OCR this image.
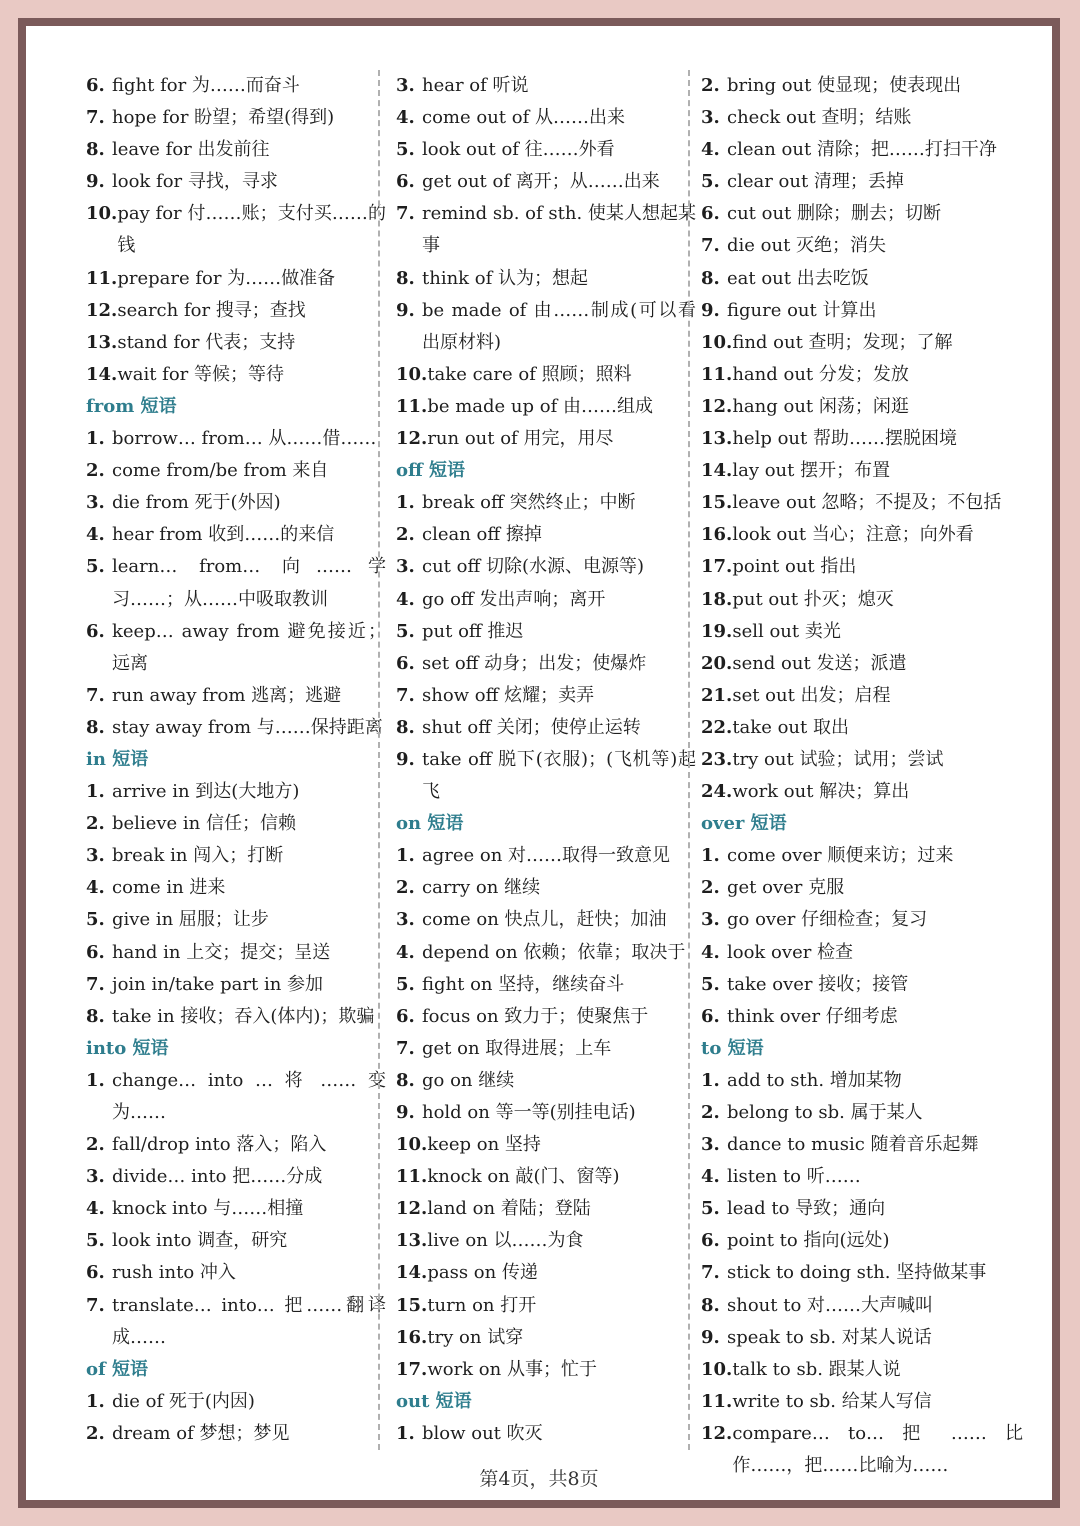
6. fight for 为……而奋斗
7. hope for 盼望；希望(得到)
8. leave for 出发前往
9. look for 寻找，寻求
10. pay for 付……账；支付买……的钱
11. prepare for 为……做准备
12. search for 搜寻；查找
13. stand for 代表；支持
14. wait for 等候；等待
from 短语
1. borrow… from… 从……借……
2. come from/be from 来自
3. die from 死于(外因)
4. hear from 收到……的来信
5. learn… from… 向……学习……；从……中吸取教训
6. keep… away from 避免接近；远离
7. run away from 逃离；逃避
8. stay away from 与……保持距离
in 短语
1. arrive in 到达(大地方)
2. believe in 信任；信赖
3. break in 闯入；打断
4. come in 进来
5. give in 屈服；让步
6. hand in 上交；提交；呈送
7. join in/take part in 参加
8. take in 接收；吞入(体内)；欺骗
into 短语
1. change… into … 将 …… 变为……
2. fall/drop into 落入；陷入
3. divide… into 把……分成
4. knock into 与……相撞
5. look into 调查，研究
6. rush into 冲入
7. translate… into… 把……翻译成……
of 短语
1. die of 死于(内因)
2. dream of 梦想；梦见
3. hear of 听说
4. come out of 从……出来
5. look out of 往……外看
6. get out of 离开；从……出来
7. remind sb. of sth. 使某人想起某事
8. think of 认为；想起
9. be made of 由……制成(可以看出原材料)
10. take care of 照顾；照料
11. be made up of 由……组成
12. run out of 用完，用尽
off 短语
1. break off 突然终止；中断
2. clean off 擦掉
3. cut off 切除(水源、电源等)
4. go off 发出声响；离开
5. put off 推迟
6. set off 动身；出发；使爆炸
7. show off 炫耀；卖弄
8. shut off 关闭；使停止运转
9. take off 脱下(衣服)；(飞机等)起飞
on 短语
1. agree on 对……取得一致意见
2. carry on 继续
3. come on 快点儿，赶快；加油
4. depend on 依赖；依靠；取决于
5. fight on 坚持，继续奋斗
6. focus on 致力于；使聚焦于
7. get on 取得进展；上车
8. go on 继续
9. hold on 等一等(别挂电话)
10. keep on 坚持
11. knock on 敲(门、窗等)
12. land on 着陆；登陆
13. live on 以……为食
14. pass on 传递
15. turn on 打开
16. try on 试穿
17. work on 从事；忙于
out 短语
1. blow out 吹灭
2. bring out 使显现；使表现出
3. check out 查明；结账
4. clean out 清除；把……打扫干净
5. clear out 清理；丢掉
6. cut out 删除；删去；切断
7. die out 灭绝；消失
8. eat out 出去吃饭
9. figure out 计算出
10. find out 查明；发现；了解
11. hand out 分发；发放
12. hang out 闲荡；闲逛
13. help out 帮助……摆脱困境
14. lay out 摆开；布置
15. leave out 忽略；不提及；不包括
16. look out 当心；注意；向外看
17. point out 指出
18. put out 扑灭；熄灭
19. sell out 卖光
20. send out 发送；派遣
21. set out 出发；启程
22. take out 取出
23. try out 试验；试用；尝试
24. work out 解决；算出
over 短语
1. come over 顺便来访；过来
2. get over 克服
3. go over 仔细检查；复习
4. look over 检查
5. take over 接收；接管
6. think over 仔细考虑
to 短语
1. add to sth. 增加某物
2. belong to sb. 属于某人
3. dance to music 随着音乐起舞
4. listen to 听……
5. lead to 导致；通向
6. point to 指向(远处)
7. stick to doing sth. 坚持做某事
8. shout to 对……大声喊叫
9. speak to sb. 对某人说话
10. talk to sb. 跟某人说
11. write to sb. 给某人写信
12. compare… to… 把 …… 比作……，把……比喻为……
第4页，共8页
